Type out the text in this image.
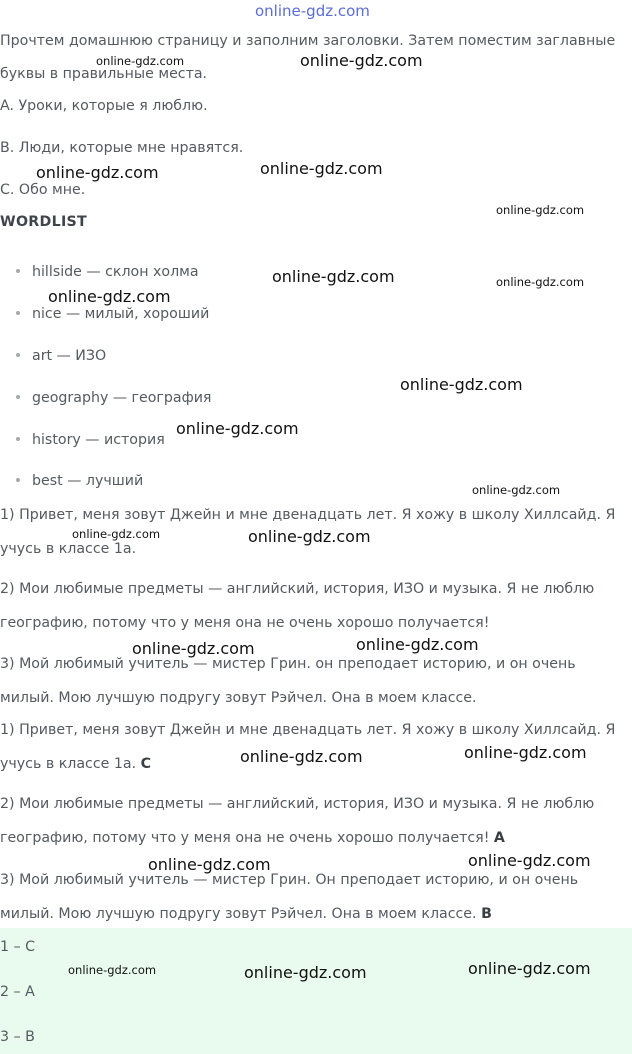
online-gdz.com

Прочтем домашнюю страницу и заполним заголовки. Затем поместим заглавные буквы в правильные места.

A. Уроки, которые я люблю.

B. Люди, которые мне нравятся.

C. Обо мне.

WORDLIST

hillside — склон холма
nice — милый, хороший
art — ИЗО
geography — география
history — история
best — лучший

1) Привет, меня зовут Джейн и мне двенадцать лет. Я хожу в школу Хиллсайд. Я учусь в классе 1а.

2) Мои любимые предметы — английский, история, ИЗО и музыка. Я не люблю географию, потому что у меня она не очень хорошо получается!

3) Мой любимый учитель — мистер Грин. он преподает историю, и он очень милый. Мою лучшую подругу зовут Рэйчел. Она в моем классе.

1) Привет, меня зовут Джейн и мне двенадцать лет. Я хожу в школу Хиллсайд. Я учусь в классе 1а. C

2) Мои любимые предметы — английский, история, ИЗО и музыка. Я не люблю географию, потому что у меня она не очень хорошо получается! A

3) Мой любимый учитель — мистер Грин. Он преподает историю, и он очень милый. Мою лучшую подругу зовут Рэйчел. Она в моем классе. B

1 – C
2 – A
3 – B
online-gdz.com	online-gdz.com
online-gdz.com	online-gdz.com
online-gdz.com
online-gdz.com	online-gdz.com
online-gdz.com
online-gdz.com
online-gdz.com
online-gdz.com
online-gdz.com	online-gdz.com
online-gdz.com	online-gdz.com
online-gdz.com	online-gdz.com
online-gdz.com	online-gdz.com
online-gdz.com	online-gdz.com	online-gdz.com
